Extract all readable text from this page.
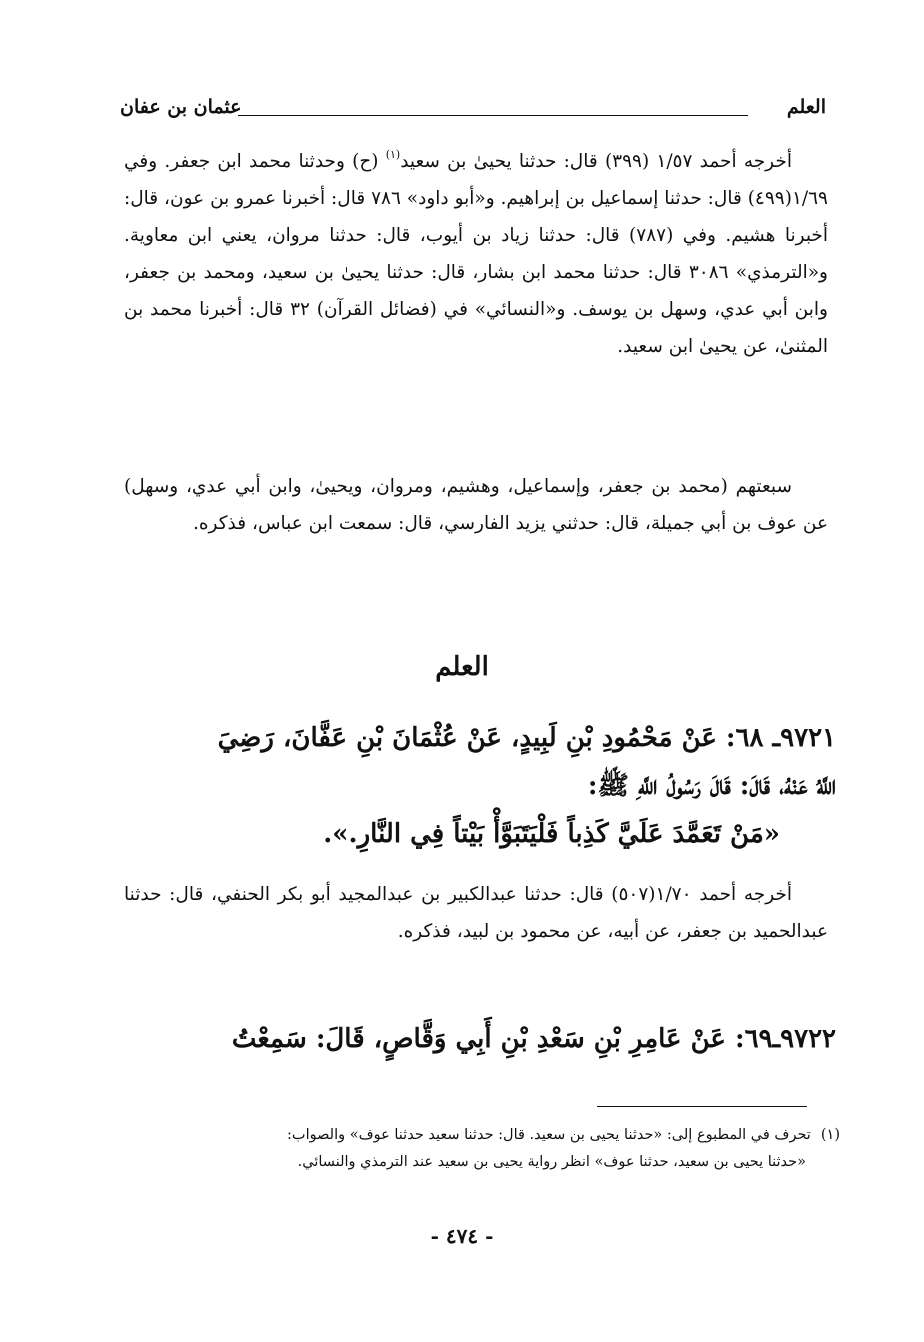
العلم
عثمان بن عفان

أخرجه أحمد ١/٥٧ (٣٩٩) قال: حدثنا يحيىٰ بن سعيد$^{(١)}$ (ح) وحدثنا محمد ابن جعفر. وفي ١/٦٩(٤٩٩) قال: حدثنا إسماعيل بن إبراهيم. و«أبو داود» ٧٨٦ قال: أخبرنا عمرو بن عون، قال: أخبرنا هشيم. وفي (٧٨٧) قال: حدثنا زياد بن أيوب، قال: حدثنا مروان، يعني ابن معاوية. و«الترمذي» ٣٠٨٦ قال: حدثنا محمد ابن بشار، قال: حدثنا يحيىٰ بن سعيد، ومحمد بن جعفر، وابن أبي عدي، وسهل بن يوسف. و«النسائي» في (فضائل القرآن) ٣٢ قال: أخبرنا محمد بن المثنىٰ، عن يحيىٰ ابن سعيد.

سبعتهم (محمد بن جعفر، وإسماعيل، وهشيم، ومروان، ويحيىٰ، وابن أبي عدي، وسهل) عن عوف بن أبي جميلة، قال: حدثني يزيد الفارسي، قال: سمعت ابن عباس، فذكره.

العلم
٩٧٢١ـ ٦٨: عَنْ مَحْمُودِ بْنِ لَبِيدٍ، عَنْ عُثْمَانَ بْنِ عَفَّانَ، رَضِيَ
اللَّهُ عَنْهُ، قَالَ: قَالَ رَسُولُ اللَّهِ ﷺ:
«مَنْ تَعَمَّدَ عَلَيَّ كَذِباً فَلْيَتَبَوَّأْ بَيْتاً فِي النَّارِ.».

أخرجه أحمد ١/٧٠(٥٠٧) قال: حدثنا عبدالكبير بن عبدالمجيد أبو بكر الحنفي، قال: حدثنا عبدالحميد بن جعفر، عن أبيه، عن محمود بن لبيد، فذكره.

٩٧٢٢ـ٦٩: عَنْ عَامِرِ بْنِ سَعْدِ بْنِ أَبِي وَقَّاصٍ، قَالَ: سَمِعْتُ
(١)تحرف في المطبوع إلى: «حدثنا يحيى بن سعيد. قال: حدثنا سعيد حدثنا عوف» والصواب:
«حدثنا يحيى بن سعيد، حدثنا عوف» انظر رواية يحيى بن سعيد عند الترمذي والنسائي.
- ٤٧٤ -
